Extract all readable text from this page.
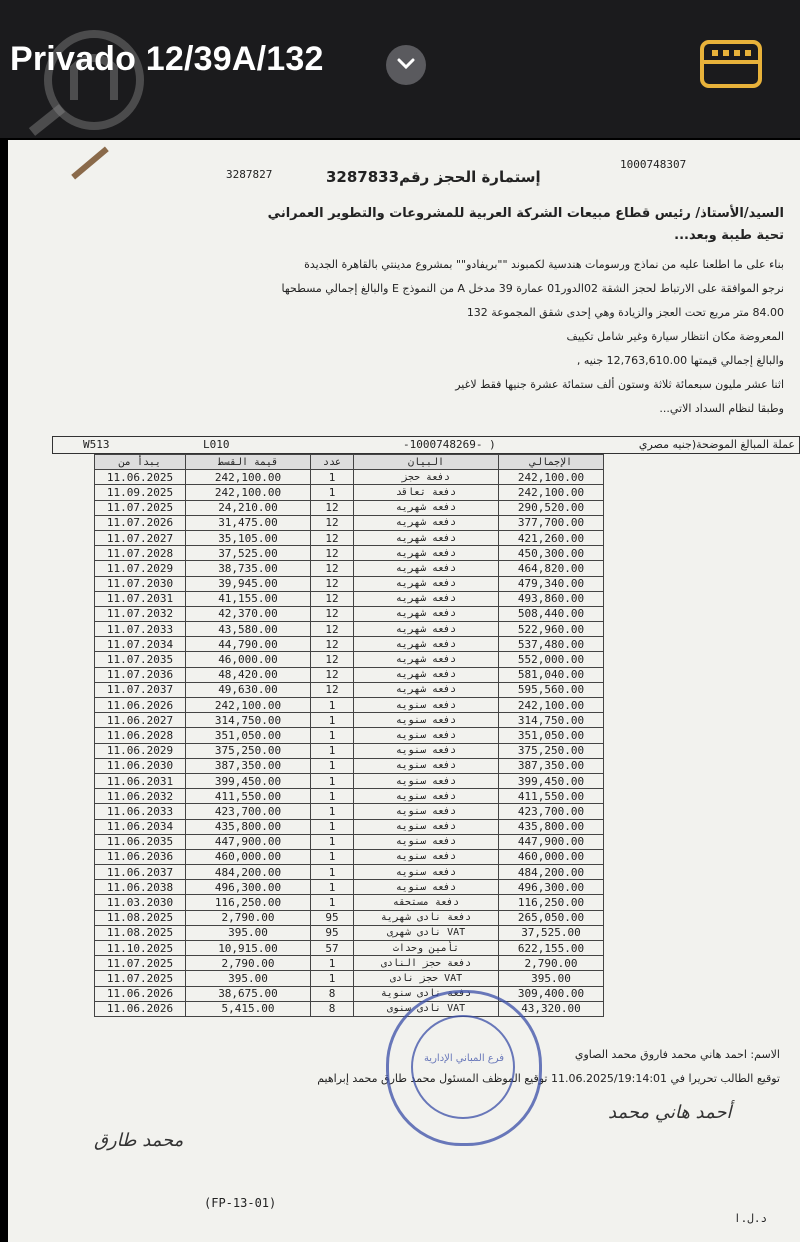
Privado 12/39A/132
3287827
1000748307
إستمارة الحجز رقم3287833
السيد/الأستاذ/ رئيس قطاع مبيعات الشركة العربية للمشروعات والتطوير العمراني
تحية طيبة وبعد...
بناء على ما اطلعنا عليه من نماذج ورسومات هندسية لكمبوند ""بريفادو"" بمشروع مدينتي بالقاهرة الجديدة
نرجو الموافقة على الارتباط لحجز الشقة 02الدور01 عمارة 39 مدخل A من النموذج E والبالغ إجمالي مسطحها
84.00 متر مربع تحت العجز والزيادة وهي إحدى شقق المجموعة 132
المعروضة مكان انتظار سيارة وغير شامل تكييف
والبالغ إجمالي قيمتها 12,763,610.00 جنيه ,
اثنا عشر مليون سبعمائة ثلاثة وستون ألف ستمائة عشرة جنيها فقط لاغير
وطبقا لنظام السداد الاتي...
W513	L010	-1000748269- )	عملة المبالغ الموضحة(جنيه مصري
يبدأ من	قيمة القسط	عدد	البيان	الإجمالي
11.06.2025	242,100.00	1	دفعة حجز	242,100.00
11.09.2025	242,100.00	1	دفعة تعاقد	242,100.00
11.07.2025	24,210.00	12	دفعه شهريه	290,520.00
11.07.2026	31,475.00	12	دفعه شهريه	377,700.00
11.07.2027	35,105.00	12	دفعه شهريه	421,260.00
11.07.2028	37,525.00	12	دفعه شهريه	450,300.00
11.07.2029	38,735.00	12	دفعه شهريه	464,820.00
11.07.2030	39,945.00	12	دفعه شهريه	479,340.00
11.07.2031	41,155.00	12	دفعه شهريه	493,860.00
11.07.2032	42,370.00	12	دفعه شهريه	508,440.00
11.07.2033	43,580.00	12	دفعه شهريه	522,960.00
11.07.2034	44,790.00	12	دفعه شهريه	537,480.00
11.07.2035	46,000.00	12	دفعه شهريه	552,000.00
11.07.2036	48,420.00	12	دفعه شهريه	581,040.00
11.07.2037	49,630.00	12	دفعه شهريه	595,560.00
11.06.2026	242,100.00	1	دفعه سنويه	242,100.00
11.06.2027	314,750.00	1	دفعه سنويه	314,750.00
11.06.2028	351,050.00	1	دفعه سنويه	351,050.00
11.06.2029	375,250.00	1	دفعه سنويه	375,250.00
11.06.2030	387,350.00	1	دفعه سنويه	387,350.00
11.06.2031	399,450.00	1	دفعه سنويه	399,450.00
11.06.2032	411,550.00	1	دفعه سنويه	411,550.00
11.06.2033	423,700.00	1	دفعه سنويه	423,700.00
11.06.2034	435,800.00	1	دفعه سنويه	435,800.00
11.06.2035	447,900.00	1	دفعه سنويه	447,900.00
11.06.2036	460,000.00	1	دفعه سنويه	460,000.00
11.06.2037	484,200.00	1	دفعه سنويه	484,200.00
11.06.2038	496,300.00	1	دفعه سنويه	496,300.00
11.03.2030	116,250.00	1	دفعة مستحقه	116,250.00
11.08.2025	2,790.00	95	دفعة نادى شهرية	265,050.00
11.08.2025	395.00	95	VAT نادى شهرى	37,525.00
11.10.2025	10,915.00	57	تأمين وحدات	622,155.00
11.07.2025	2,790.00	1	دفعة حجز النادى	2,790.00
11.07.2025	395.00	1	VAT حجز نادى	395.00
11.06.2026	38,675.00	8	دفعة نادى سنوية	309,400.00
11.06.2026	5,415.00	8	VAT نادى سنوى	43,320.00
الاسم: احمد هاني محمد فاروق محمد الصاوي
توقيع الطالب تحريرا في 11.06.2025/19:14:01 توقيع الموظف المسئول محمد طارق محمد إبراهيم
فرع المباني الإدارية
أحمد هاني محمد
محمد طارق
(FP-13-01)
د.ل.ا
